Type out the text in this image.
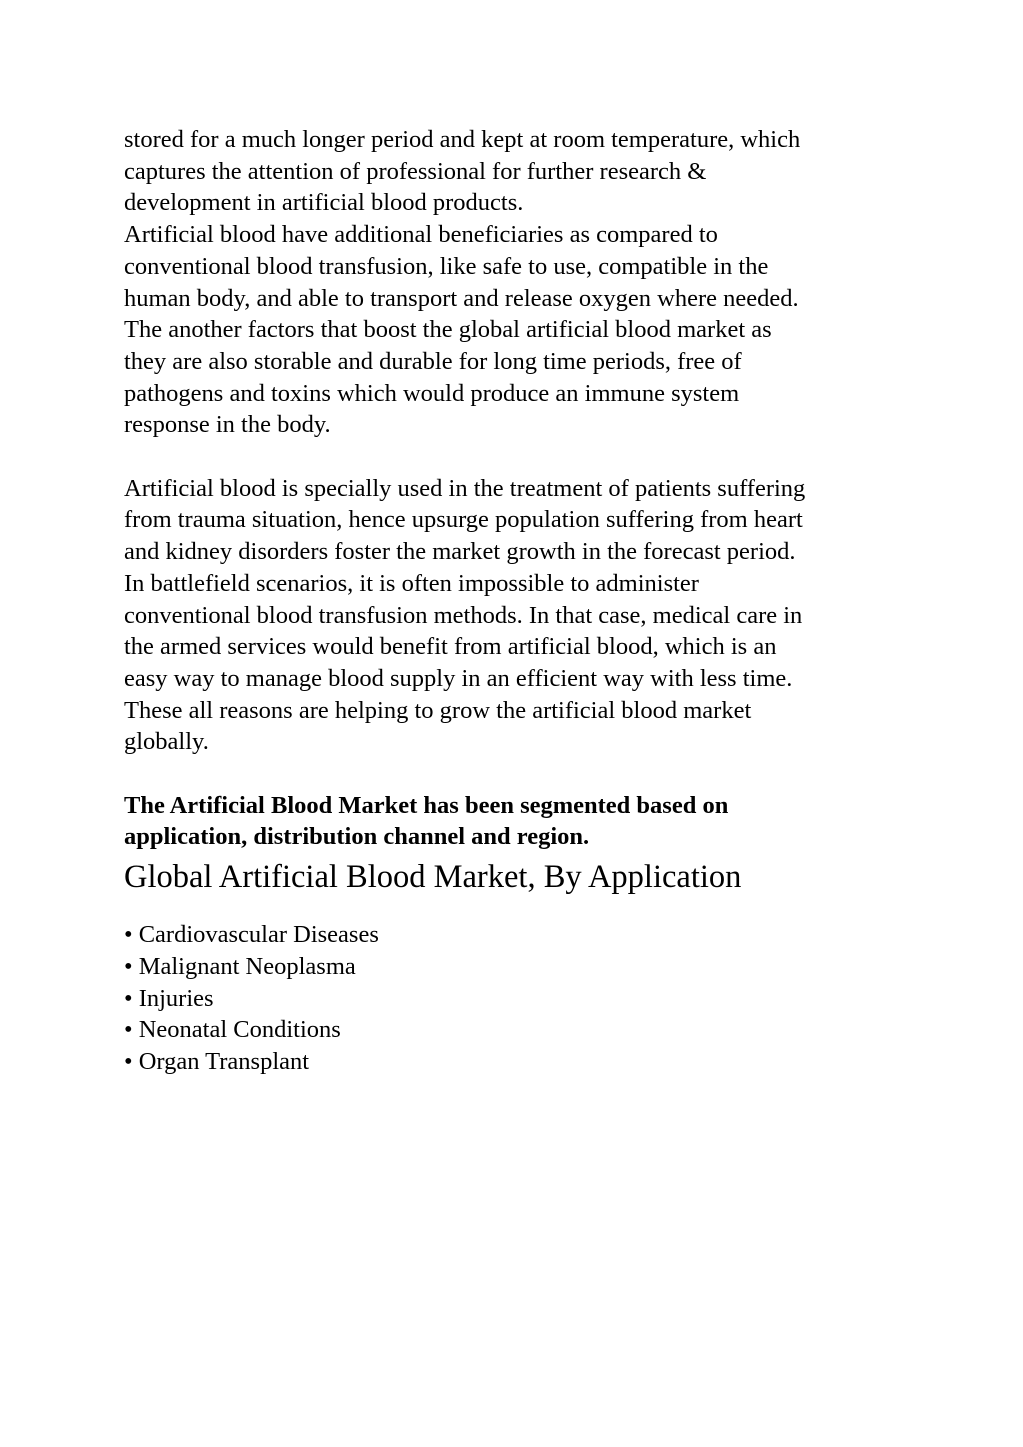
stored for a much longer period and kept at room temperature, which
captures the attention of professional for further research &
development in artificial blood products.
Artificial blood have additional beneficiaries as compared to
conventional blood transfusion, like safe to use, compatible in the
human body, and able to transport and release oxygen where needed.
The another factors that boost the global artificial blood market as
they are also storable and durable for long time periods, free of
pathogens and toxins which would produce an immune system
response in the body.
Artificial blood is specially used in the treatment of patients suffering
from trauma situation, hence upsurge population suffering from heart
and kidney disorders foster the market growth in the forecast period.
In battlefield scenarios, it is often impossible to administer
conventional blood transfusion methods. In that case, medical care in
the armed services would benefit from artificial blood, which is an
easy way to manage blood supply in an efficient way with less time.
These all reasons are helping to grow the artificial blood market
globally.
The Artificial Blood Market has been segmented based on
application, distribution channel and region.
Global Artificial Blood Market, By Application
• Cardiovascular Diseases
• Malignant Neoplasma
• Injuries
• Neonatal Conditions
• Organ Transplant
